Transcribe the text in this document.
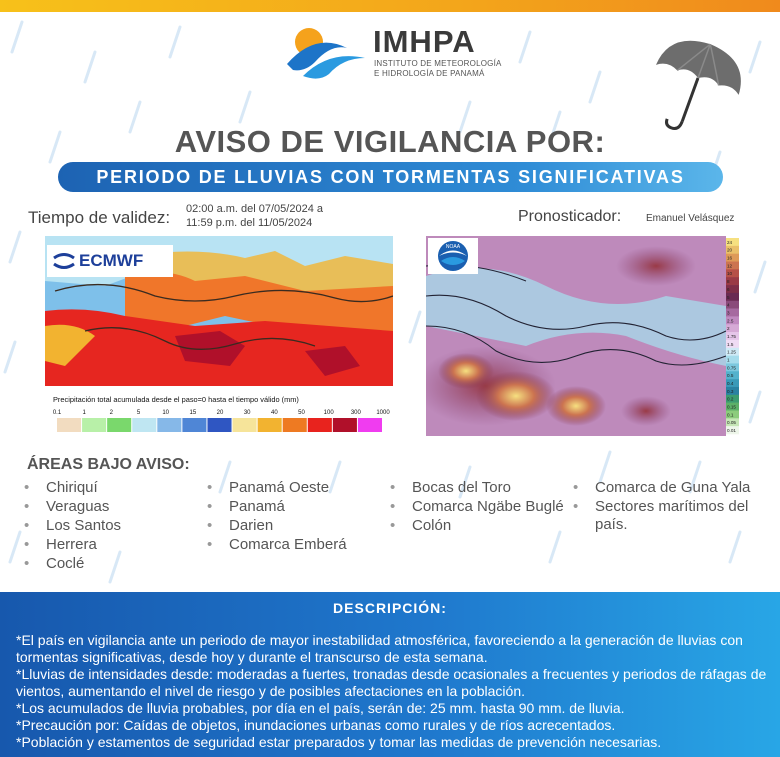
IMHPA
INSTITUTO DE METEOROLOGÍA
E HIDROLOGÍA DE PANAMÁ
AVISO DE VIGILANCIA POR:
PERIODO DE LLUVIAS CON TORMENTAS SIGNIFICATIVAS
Tiempo de validez: 02:00 a.m. del 07/05/2024 a
11:59 p.m. del 11/05/2024	Pronosticador: Emanuel Velásquez
Precipitación total acumulada desde el paso=0 hasta el tiempo válido (mm)
0.1	1	2	5	10	15	20	30	40	50	100	300	1000
ECMWF
24
20
16
12
10
8
6
5
4
3
2.5
2
1.75
1.5
1.25
1
0.75
0.5
0.4
0.3
0.2
0.15
0.1
0.05
0.01
NOAA
ÁREAS BAJO AVISO:
• Chiriquí
• Veraguas
• Los Santos
• Herrera
• Coclé
• Panamá Oeste
• Panamá
• Darien
• Comarca Emberá
• Bocas del Toro
• Comarca Ngäbe Buglé
• Colón
• Comarca de Guna Yala
• Sectores marítimos del país.
DESCRIPCIÓN:

*El país en vigilancia ante un periodo de mayor inestabilidad atmosférica, favoreciendo a la generación de lluvias con tormentas significativas, desde hoy y durante el transcurso de esta semana.

*Lluvias de intensidades desde: moderadas a fuertes, tronadas desde ocasionales a frecuentes y periodos de ráfagas de vientos, aumentando el nivel de riesgo y de posibles afectaciones en la población.

*Los acumulados de lluvia probables, por día en el país, serán de: 25 mm. hasta 90 mm. de lluvia.

*Precaución por: Caídas de objetos, inundaciones urbanas como rurales y de ríos acrecentados.

*Población y estamentos de seguridad estar preparados y tomar las medidas de prevención necesarias.
